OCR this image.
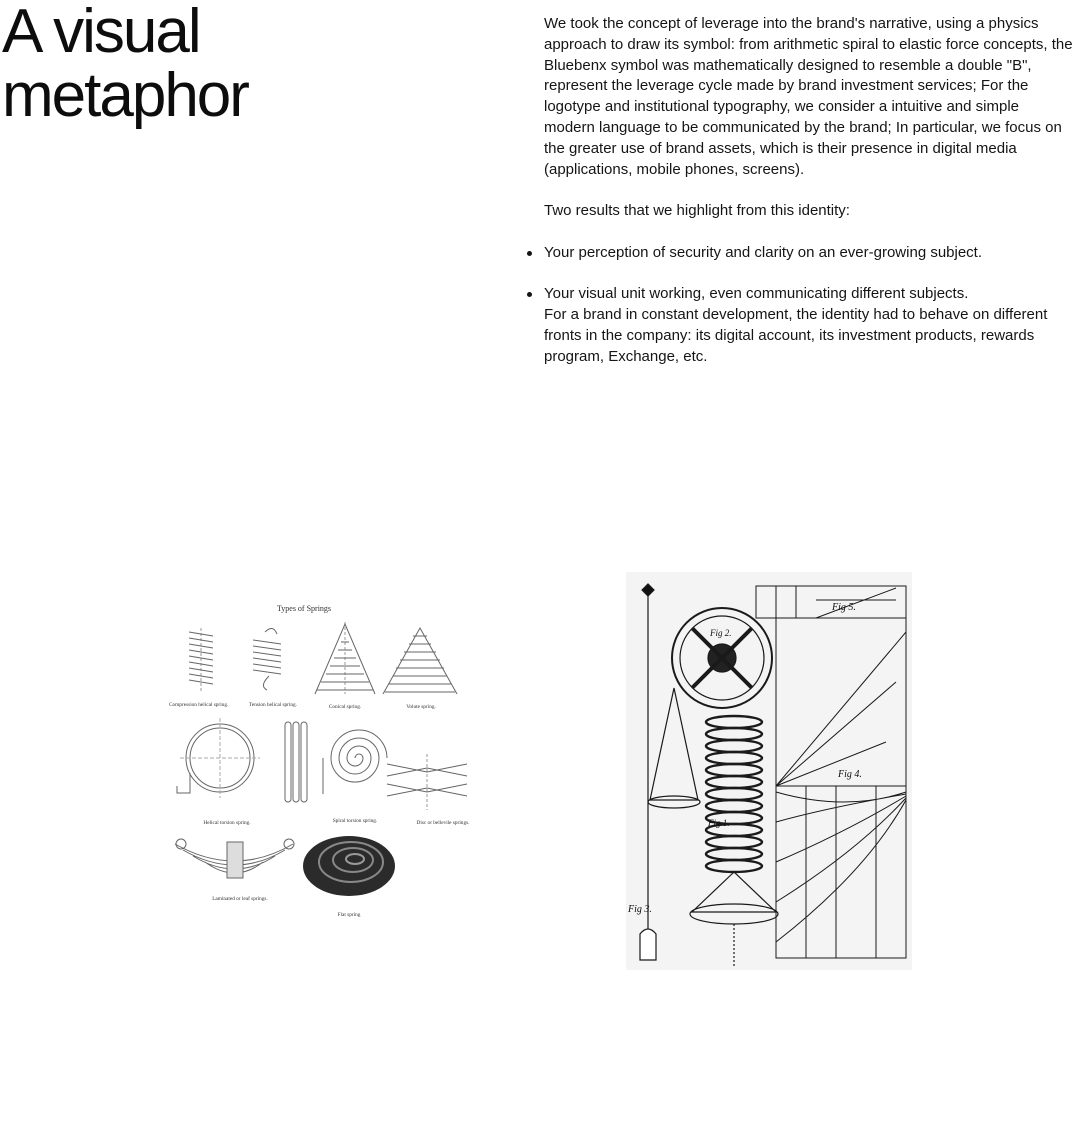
A visual
metaphor

We took the concept of leverage into the brand's narrative, using a physics approach to draw its symbol: from arithmetic spiral to elastic force concepts, the Bluebenx symbol was mathematically designed to resemble a double "B", represent the leverage cycle made by brand investment services; For the logotype and institutional typography, we consider a intuitive and simple modern language to be communicated by the brand; In particular, we focus on the greater use of brand assets, which is their presence in digital media (applications, mobile phones, screens).

Two results that we highlight from this identity:

Your perception of security and clarity on an ever-growing subject.
Your visual unit working, even communicating different subjects.
For a brand in constant development, the identity had to behave on different fronts in the company: its digital account, its investment products, rewards program, Exchange, etc.
Types of Springs
Compression helical spring.	Tension helical spring.	Conical spring.	Volute spring.
Helical torsion spring.	Spiral torsion spring.	Disc or bellevile springs.
Laminated or leaf springs.
Flat spring
Fig 5.
Fig 4.
Fig 3.
Fig 1.
Fig 2.
